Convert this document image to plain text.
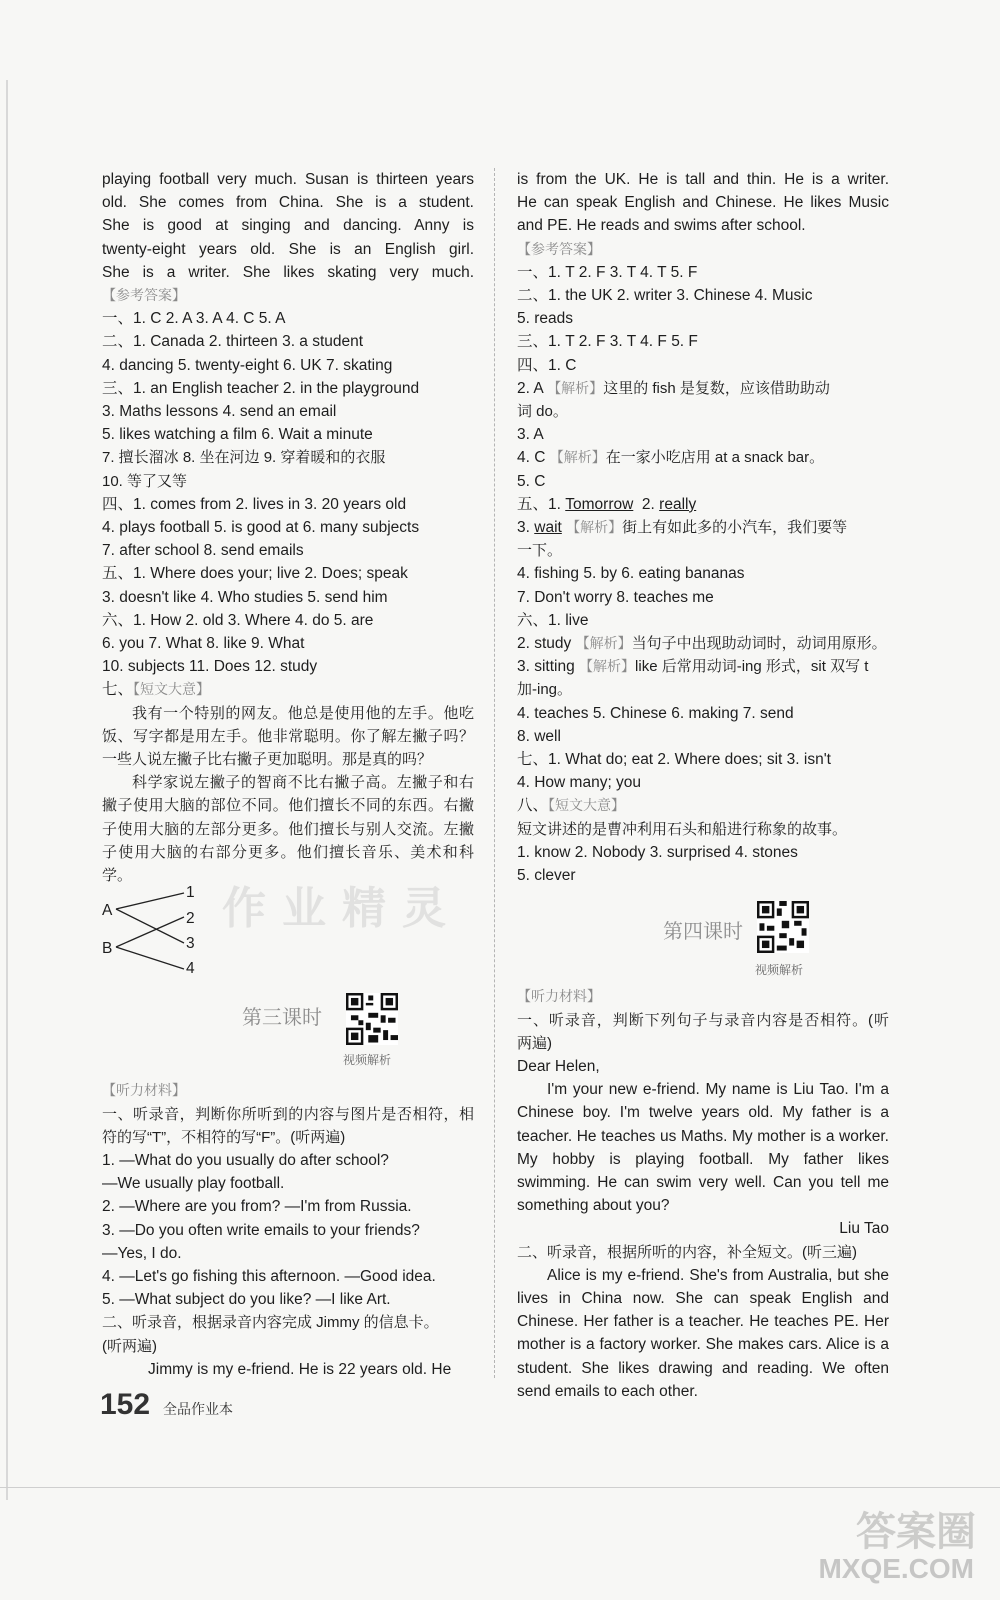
playing football very much. Susan is thirteen years
old. She comes from China. She is a student.
She is good at singing and dancing. Anny is
twenty-eight years old. She is an English girl.
She is a writer. She likes skating very much.
【参考答案】
一、1. C 2. A 3. A 4. C 5. A
二、1. Canada 2. thirteen 3. a student
4. dancing 5. twenty-eight 6. UK 7. skating
三、1. an English teacher 2. in the playground
3. Maths lessons 4. send an email
5. likes watching a film 6. Wait a minute
7. 擅长溜冰 8. 坐在河边 9. 穿着暖和的衣服
10. 等了又等
四、1. comes from 2. lives in 3. 20 years old
4. plays football 5. is good at 6. many subjects
7. after school 8. send emails
五、1. Where does your; live 2. Does; speak
3. doesn't like 4. Who studies 5. send him
六、1. How 2. old 3. Where 4. do 5. are
6. you 7. What 8. like 9. What
10. subjects 11. Does 12. study
七、【短文大意】
我有一个特别的网友。他总是使用他的左手。他吃饭、写字都是用左手。他非常聪明。你了解左撇子吗？一些人说左撇子比右撇子更加聪明。那是真的吗？
科学家说左撇子的智商不比右撇子高。左撇子和右撇子使用大脑的部位不同。他们擅长不同的东西。右撇子使用大脑的左部分更多。他们擅长与别人交流。左撇子使用大脑的右部分更多。他们擅长音乐、美术和科学。
A
B
1
2
3
4
作业精灵
第三课时
视频解析
【听力材料】
一、听录音，判断你所听到的内容与图片是否相符，相
符的写“T”，不相符的写“F”。(听两遍)
1. —What do you usually do after school?
—We usually play football.
2. —Where are you from? —I'm from Russia.
3. —Do you often write emails to your friends?
—Yes, I do.
4. —Let's go fishing this afternoon. —Good idea.
5. —What subject do you like? —I like Art.
二、听录音，根据录音内容完成 Jimmy 的信息卡。
(听两遍)
Jimmy is my e-friend. He is 22 years old. He
is from the UK. He is tall and thin. He is a writer.
He can speak English and Chinese. He likes Music
and PE. He reads and swims after school.
【参考答案】
一、1. T 2. F 3. T 4. T 5. F
二、1. the UK 2. writer 3. Chinese 4. Music
5. reads
三、1. T 2. F 3. T 4. F 5. F
四、1. C
2. A 【解析】这里的 fish 是复数，应该借助助动
词 do。
3. A
4. C 【解析】在一家小吃店用 at a snack bar。
5. C
五、1. Tomorrow 2. really
3. wait 【解析】街上有如此多的小汽车，我们要等
一下。
4. fishing 5. by 6. eating bananas
7. Don't worry 8. teaches me
六、1. live
2. study 【解析】当句子中出现助动词时，动词用原形。
3. sitting 【解析】like 后常用动词-ing 形式，sit 双写 t
加-ing。
4. teaches 5. Chinese 6. making 7. send
8. well
七、1. What do; eat 2. Where does; sit 3. isn't
4. How many; you
八、【短文大意】
短文讲述的是曹冲利用石头和船进行称象的故事。
1. know 2. Nobody 3. surprised 4. stones
5. clever
第四课时
视频解析
【听力材料】
一、听录音，判断下列句子与录音内容是否相符。(听
两遍)
Dear Helen,
I'm your new e-friend. My name is Liu Tao. I'm a
Chinese boy. I'm twelve years old. My father is a
teacher. He teaches us Maths. My mother is a worker.
My hobby is playing football. My father likes
swimming. He can swim very well. Can you tell me
something about you?
Liu Tao
二、听录音，根据所听的内容，补全短文。(听三遍)
Alice is my e-friend. She's from Australia, but she
lives in China now. She can speak English and
Chinese. Her father is a teacher. He teaches PE. Her
mother is a factory worker. She makes cars. Alice is a
student. She likes drawing and reading. We often
send emails to each other.
152 全品作业本
答案圈
MXQE.COM
